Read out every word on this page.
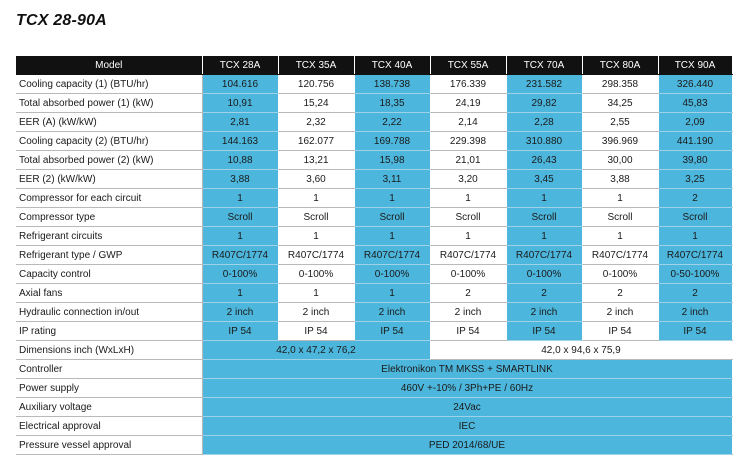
TCX 28-90A
Model	TCX 28A	TCX 35A	TCX 40A	TCX 55A	TCX 70A	TCX 80A	TCX 90A
Cooling capacity (1) (BTU/hr)	104.616	120.756	138.738	176.339	231.582	298.358	326.440
Total absorbed power (1) (kW)	10,91	15,24	18,35	24,19	29,82	34,25	45,83
EER (A) (kW/kW)	2,81	2,32	2,22	2,14	2,28	2,55	2,09
Cooling capacity (2) (BTU/hr)	144.163	162.077	169.788	229.398	310.880	396.969	441.190
Total absorbed power (2) (kW)	10,88	13,21	15,98	21,01	26,43	30,00	39,80
EER (2) (kW/kW)	3,88	3,60	3,11	3,20	3,45	3,88	3,25
Compressor for each circuit	1	1	1	1	1	1	2
Compressor type	Scroll	Scroll	Scroll	Scroll	Scroll	Scroll	Scroll
Refrigerant circuits	1	1	1	1	1	1	1
Refrigerant type / GWP	R407C/1774	R407C/1774	R407C/1774	R407C/1774	R407C/1774	R407C/1774	R407C/1774
Capacity control	0-100%	0-100%	0-100%	0-100%	0-100%	0-100%	0-50-100%
Axial fans	1	1	1	2	2	2	2
Hydraulic connection in/out	2 inch	2 inch	2 inch	2 inch	2 inch	2 inch	2 inch
IP rating	IP 54	IP 54	IP 54	IP 54	IP 54	IP 54	IP 54
Dimensions inch (WxLxH)	42,0 x 47,2 x 76,2			42,0 x 94,6 x 75,9			
Controller	Elektronikon TM MKSS + SMARTLINK						
Power supply	460V +-10% / 3Ph+PE / 60Hz						
Auxiliary voltage	24Vac						
Electrical approval	IEC						
Pressure vessel approval	PED 2014/68/UE						
